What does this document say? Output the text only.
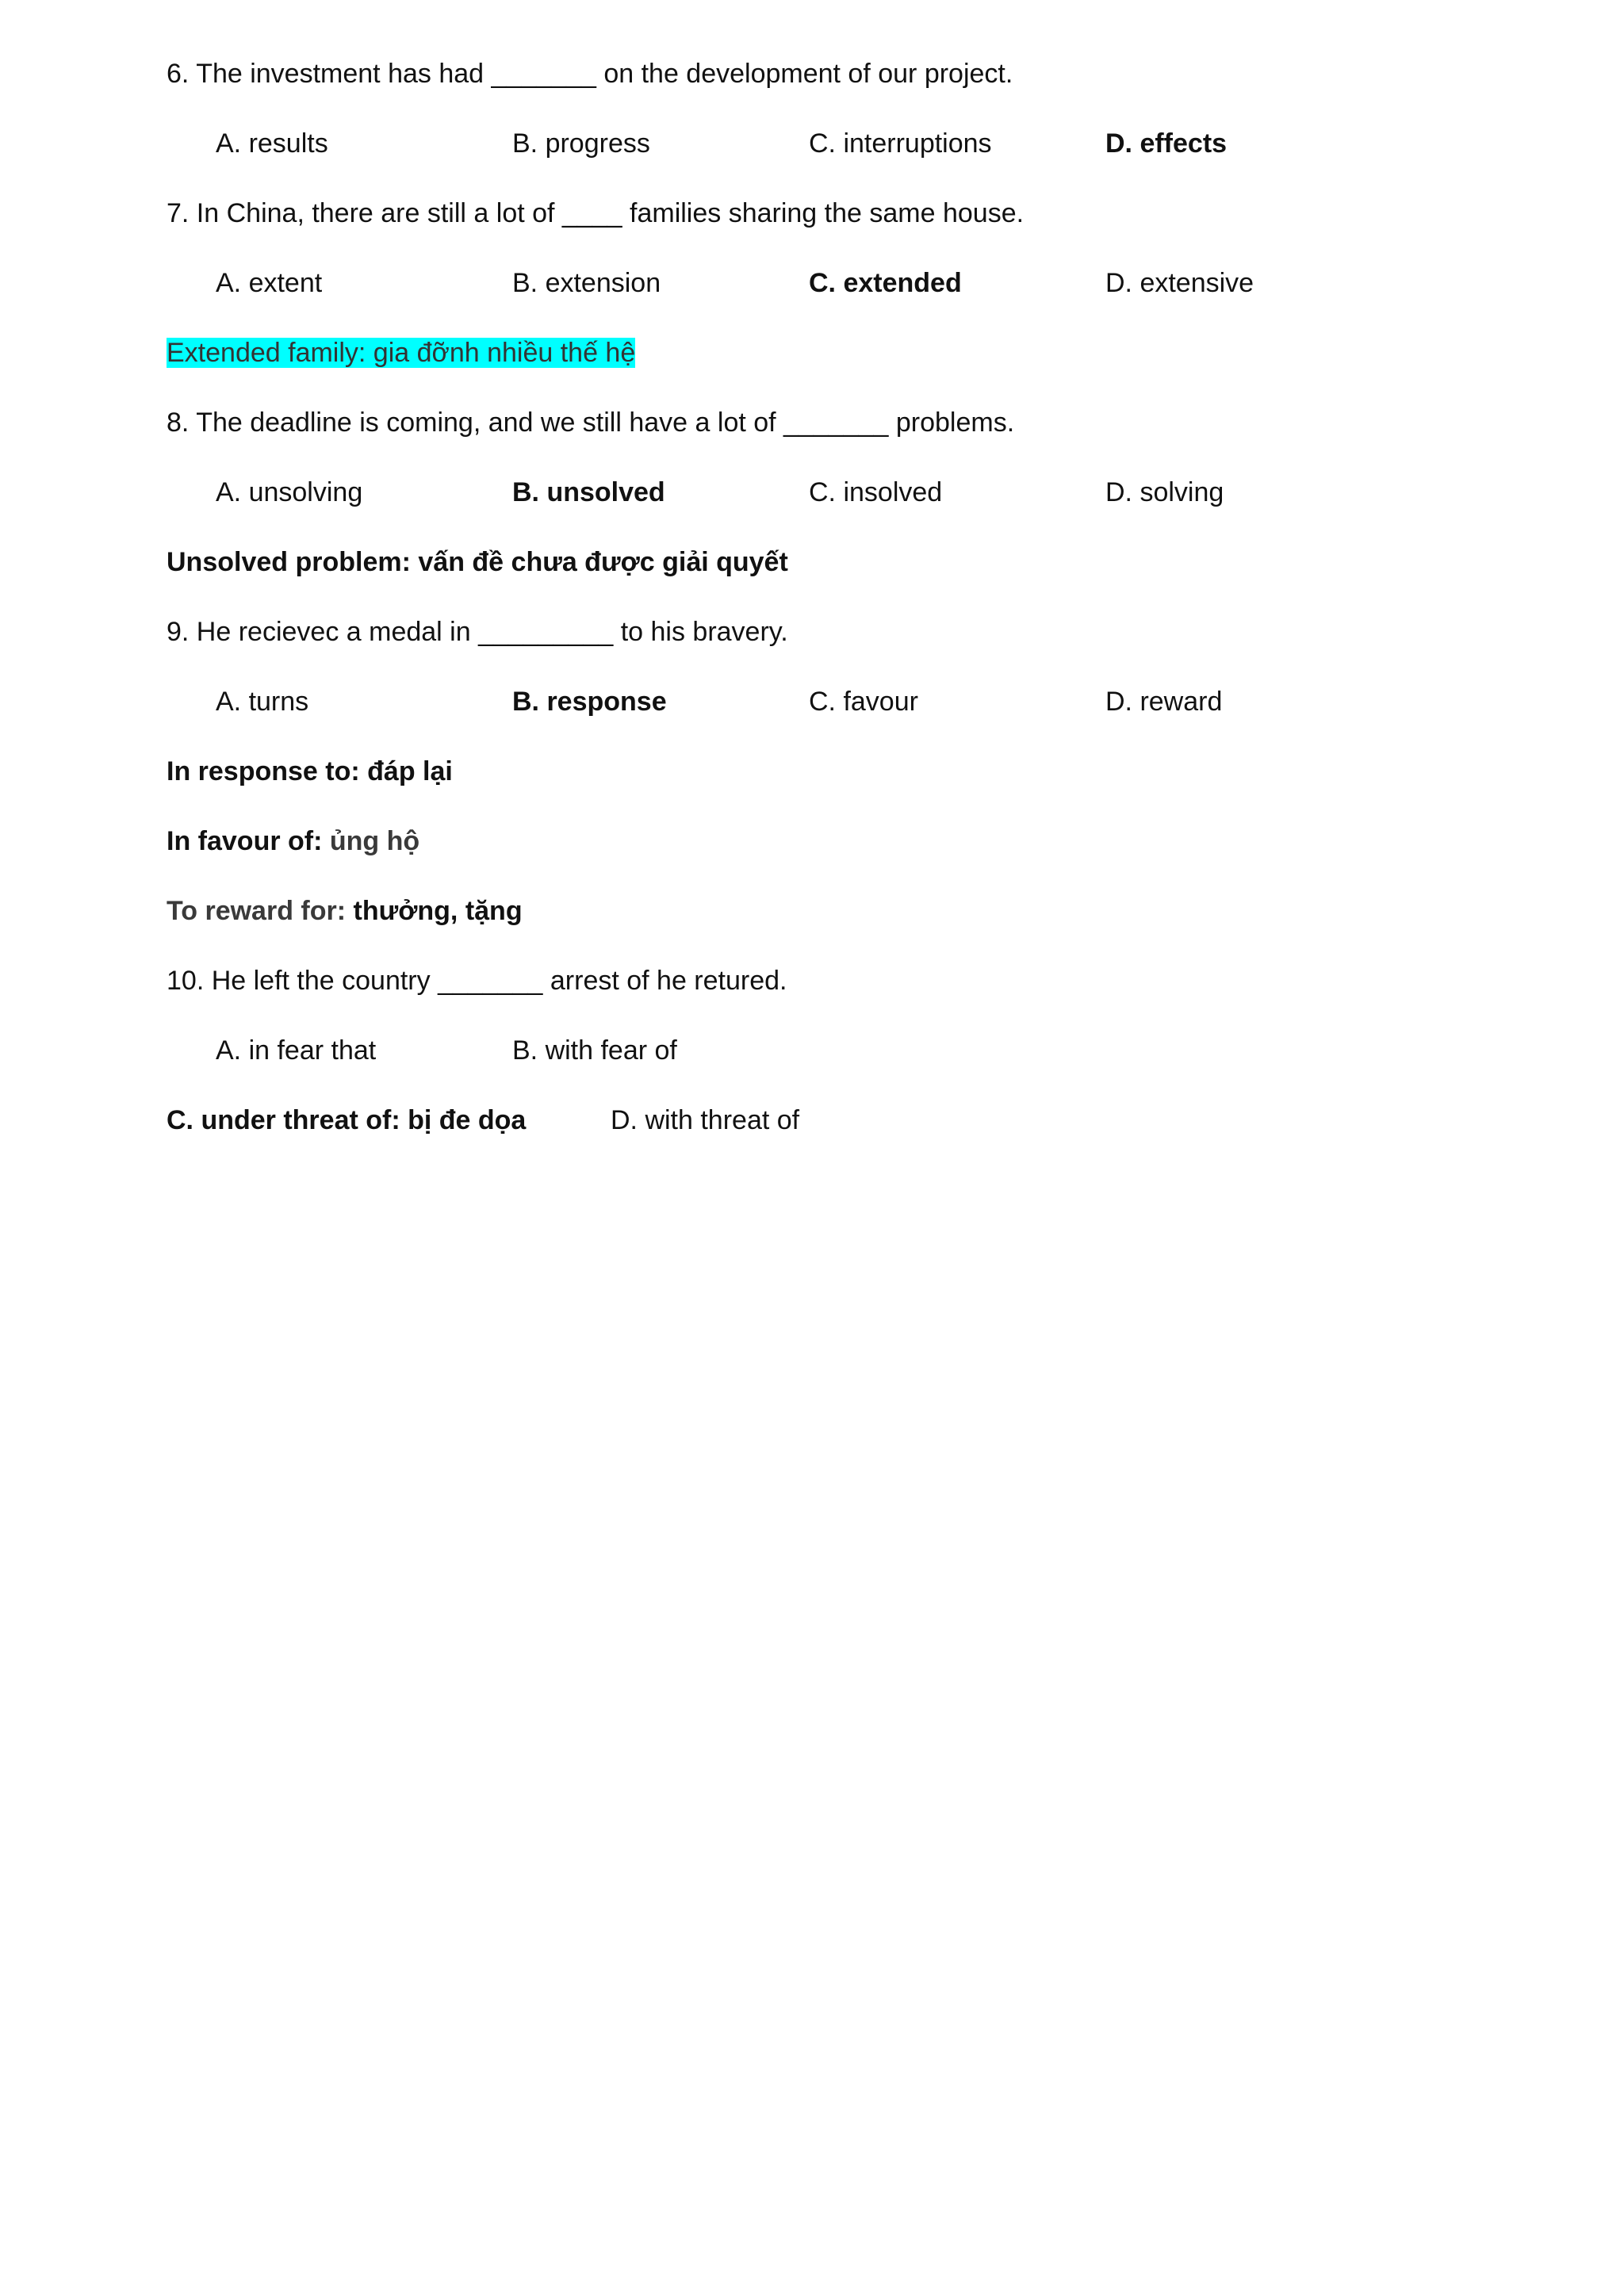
6. The investment has had _______ on the development of our project.
A. results	B. progress	C. interruptions	D. effects
7. In China, there are still a lot of ____ families sharing the same house.
A. extent	B. extension	C. extended	D. extensive
Extended family: gia đỡnh nhiều thế hệ
8. The deadline is coming, and we still have a lot of _______ problems.
A. unsolving	B. unsolved	C. insolved	D. solving
Unsolved problem: vấn đề chưa được giải quyết
9. He recievec a medal in _________ to his bravery.
A. turns	B. response	C. favour	D. reward
In response to: đáp lại
In favour of: ủng hộ
To reward for: thưởng, tặng
10. He left the country _______ arrest of he retured.
A. in fear that	B. with fear of
C. under threat of: bị đe dọa	D. with threat of
